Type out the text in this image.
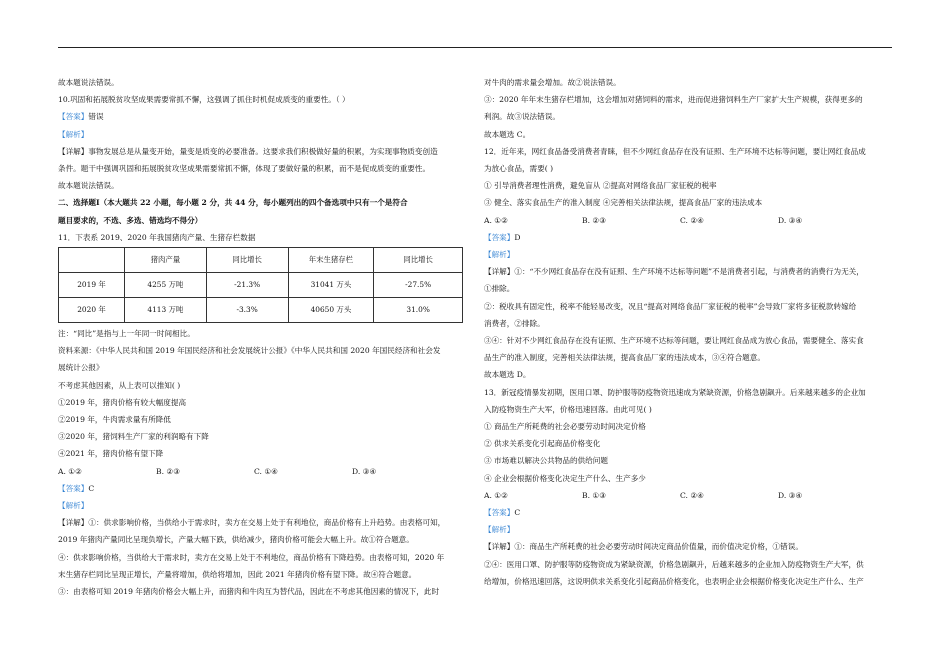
故本题说法错误。

10.巩固和拓展脱贫攻坚成果需要常抓不懈，这强调了抓住时机促成质变的重要性。（ ）

【答案】错误

【解析】

【详解】事物发展总是从量变开始，量变是质变的必要准备。这要求我们积极做好量的积累，为实现事物质变创造

条件。题干中强调巩固和拓展脱贫攻坚成果需要常抓不懈，体现了要做好量的积累，而不是促成质变的重要性。

故本题说法错误。

二、选择题Ⅰ（本大题共 22 小题，每小题 2 分，共 44 分，每小题列出的四个备选项中只有一个是符合

题目要求的，不选、多选、错选均不得分）

11．下表系 2019、2020 年我国猪肉产量、生猪存栏数据

	猪肉产量	同比增长	年末生猪存栏	同比增长
2019 年	4255 万吨	-21.3%	31041 万头	-27.5%
2020 年	4113 万吨	-3.3%	40650 万头	31.0%

注：“同比”是指与上一年同一时间相比。

资料来源：《中华人民共和国 2019 年国民经济和社会发展统计公报》《中华人民共和国 2020 年国民经济和社会发

展统计公报》

不考虑其他因素，从上表可以推知( )

①2019 年，猪肉价格有较大幅度提高

②2019 年，牛肉需求量有所降低

③2020 年，猪饲料生产厂家的利润略有下降

④2021 年，猪肉价格有望下降

A. ①②	B. ②③	C. ①④	D. ③④

【答案】C

【解析】

【详解】①：供求影响价格，当供给小于需求时，卖方在交易上处于有利地位，商品价格有上升趋势。由表格可知，

2019 年猪肉产量同比呈现负增长，产量大幅下跌，供给减少，猪肉价格可能会大幅上升。故①符合题意。

④：供求影响价格，当供给大于需求时，卖方在交易上处于不利地位，商品价格有下降趋势。由表格可知，2020 年

末生猪存栏同比呈现正增长，产量将增加，供给将增加，因此 2021 年猪肉价格有望下降。故④符合题意。

③：由表格可知 2019 年猪肉价格会大幅上升，而猪肉和牛肉互为替代品，因此在不考虑其他因素的情况下，此时

对牛肉的需求量会增加。故②说法错误。

③：2020 年年末生猪存栏增加，这会增加对猪饲料的需求，进而促进猪饲料生产厂家扩大生产规模，获得更多的

利润。故③说法错误。

故本题选 C。

12．近年来，网红食品备受消费者青睐，但不少网红食品存在没有证照、生产环境不达标等问题，要让网红食品成

为放心食品，需要( )

① 引导消费者理性消费，避免盲从 ②提高对网络食品厂家征税的税率

③ 健全、落实食品生产的准入制度 ④完善相关法律法规，提高食品厂家的违法成本

A. ①②	B. ②③	C. ②④	D. ③④

【答案】D

【解析】

【详解】①：“不少网红食品存在没有证照、生产环境不达标等问题”不是消费者引起，与消费者的消费行为无关，

①排除。

②：税收具有固定性，税率不能轻易改变，况且“提高对网络食品厂家征税的税率”会导致厂家将多征税款转嫁给

消费者，②排除。

③④：针对不少网红食品存在没有证照、生产环境不达标等问题，要让网红食品成为放心食品，需要健全、落实食

品生产的准入制度，完善相关法律法规，提高食品厂家的违法成本，③④符合题意。

故本题选 D。

13．新冠疫情暴发初期，医用口罩、防护服等防疫物资迅速成为紧缺资源，价格急剧飙升。后来越来越多的企业加

入防疫物资生产大军，价格迅速回落。由此可见( )

① 商品生产所耗费的社会必要劳动时间决定价格

② 供求关系变化引起商品价格变化

③ 市场难以解决公共物品的供给问题

④ 企业会根据价格变化决定生产什么、生产多少

A. ①②	B. ①③	C. ②④	D. ③④

【答案】C

【解析】

【详解】①：商品生产所耗费的社会必要劳动时间决定商品价值量，而价值决定价格，①错误。

②④：医用口罩、防护服等防疫物资成为紧缺资源，价格急剧飙升，后越来越多的企业加入防疫物资生产大军，供

给增加，价格迅速回落，这说明供求关系变化引起商品价格变化，也表明企业会根据价格变化决定生产什么、生产
